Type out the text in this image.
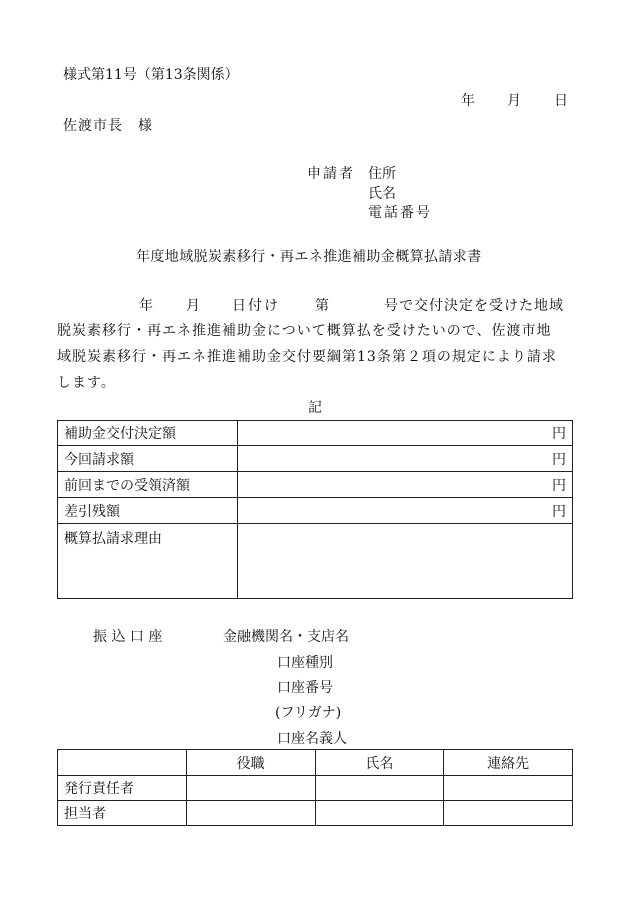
様式第11号（第13条関係）
年 月 日
佐渡市長　様
申請者 住所
氏名
電話番号
年度地域脱炭素移行・再エネ推進補助金概算払請求書
年 月 日付け	第	号で交付決定を受けた地域
脱炭素移行・再エネ推進補助金について概算払を受けたいので、佐渡市地
域脱炭素移行・再エネ推進補助金交付要綱第13条第２項の規定により請求
します。
記
補助金交付決定額	円
今回請求額	円
前回までの受領済額	円
差引残額	円
概算払請求理由	
振 込 口 座	金融機関名・支店名
口座種別
口座番号
(フリガナ)
口座名義人
	役職	氏名	連絡先
発行責任者			
担当者			
